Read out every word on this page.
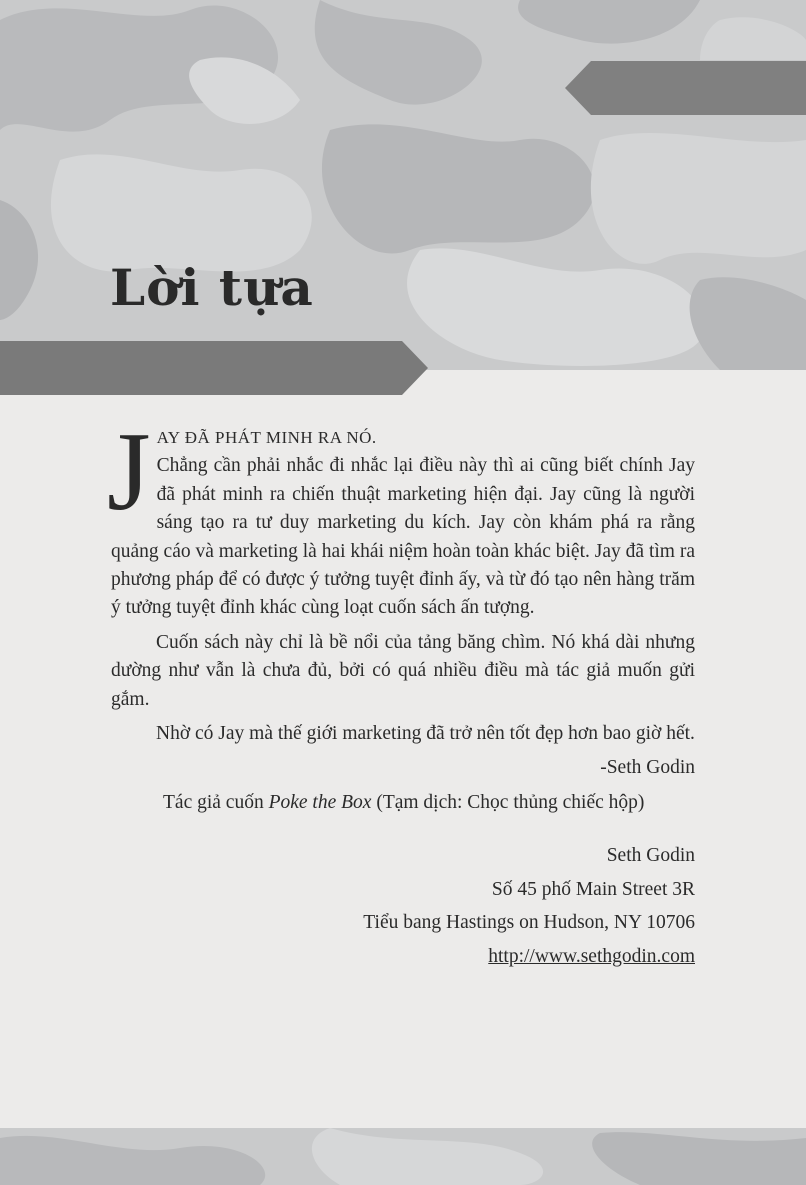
Lời tựa

J AY ĐÃ PHÁT MINH RA NÓ.
Chẳng cần phải nhắc đi nhắc lại điều này thì ai cũng biết chính Jay đã phát minh ra chiến thuật marketing hiện đại. Jay cũng là người sáng tạo ra tư duy marketing du kích. Jay còn khám phá ra rằng quảng cáo và marketing là hai khái niệm hoàn toàn khác biệt. Jay đã tìm ra phương pháp để có được ý tưởng tuyệt đỉnh ấy, và từ đó tạo nên hàng trăm ý tưởng tuyệt đỉnh khác cùng loạt cuốn sách ấn tượng.

Cuốn sách này chỉ là bề nổi của tảng băng chìm. Nó khá dài nhưng dường như vẫn là chưa đủ, bởi có quá nhiều điều mà tác giả muốn gửi gắm.

Nhờ có Jay mà thế giới marketing đã trở nên tốt đẹp hơn bao giờ hết.

-Seth Godin

Tác giả cuốn Poke the Box (Tạm dịch: Chọc thủng chiếc hộp)

Seth Godin
Số 45 phố Main Street 3R
Tiểu bang Hastings on Hudson, NY 10706
http://www.sethgodin.com
